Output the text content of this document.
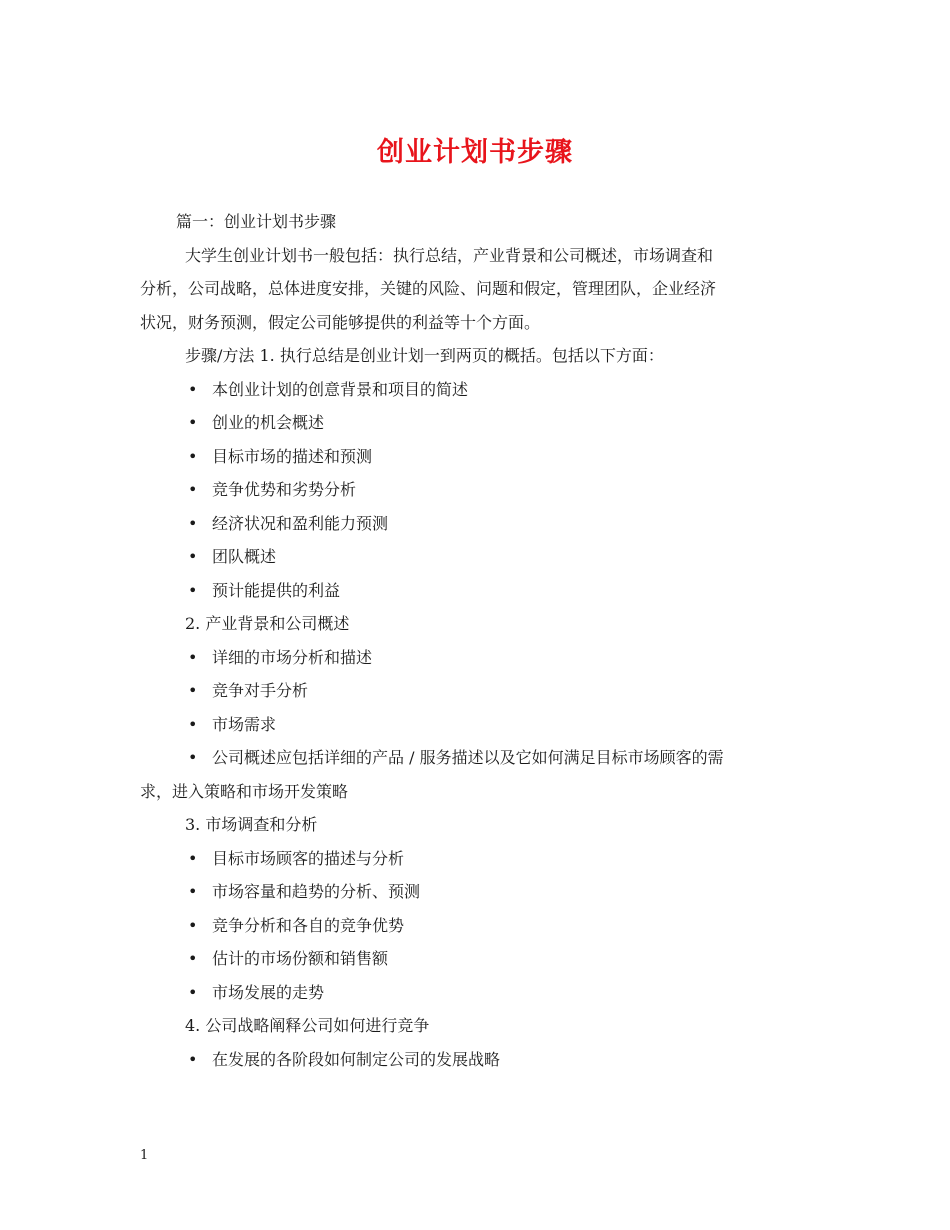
创业计划书步骤
篇一：创业计划书步骤
大学生创业计划书一般包括：执行总结，产业背景和公司概述，市场调查和
分析，公司战略，总体进度安排，关键的风险、问题和假定，管理团队，企业经济
状况，财务预测，假定公司能够提供的利益等十个方面。
步骤/方法 1. 执行总结是创业计划一到两页的概括。包括以下方面：
• 本创业计划的创意背景和项目的简述
• 创业的机会概述
• 目标市场的描述和预测
• 竞争优势和劣势分析
• 经济状况和盈利能力预测
• 团队概述
• 预计能提供的利益
2. 产业背景和公司概述
• 详细的市场分析和描述
• 竞争对手分析
• 市场需求
• 公司概述应包括详细的产品 / 服务描述以及它如何满足目标市场顾客的需
求，进入策略和市场开发策略
3. 市场调查和分析
• 目标市场顾客的描述与分析
• 市场容量和趋势的分析、预测
• 竞争分析和各自的竞争优势
• 估计的市场份额和销售额
• 市场发展的走势
4. 公司战略阐释公司如何进行竞争
• 在发展的各阶段如何制定公司的发展战略
1
